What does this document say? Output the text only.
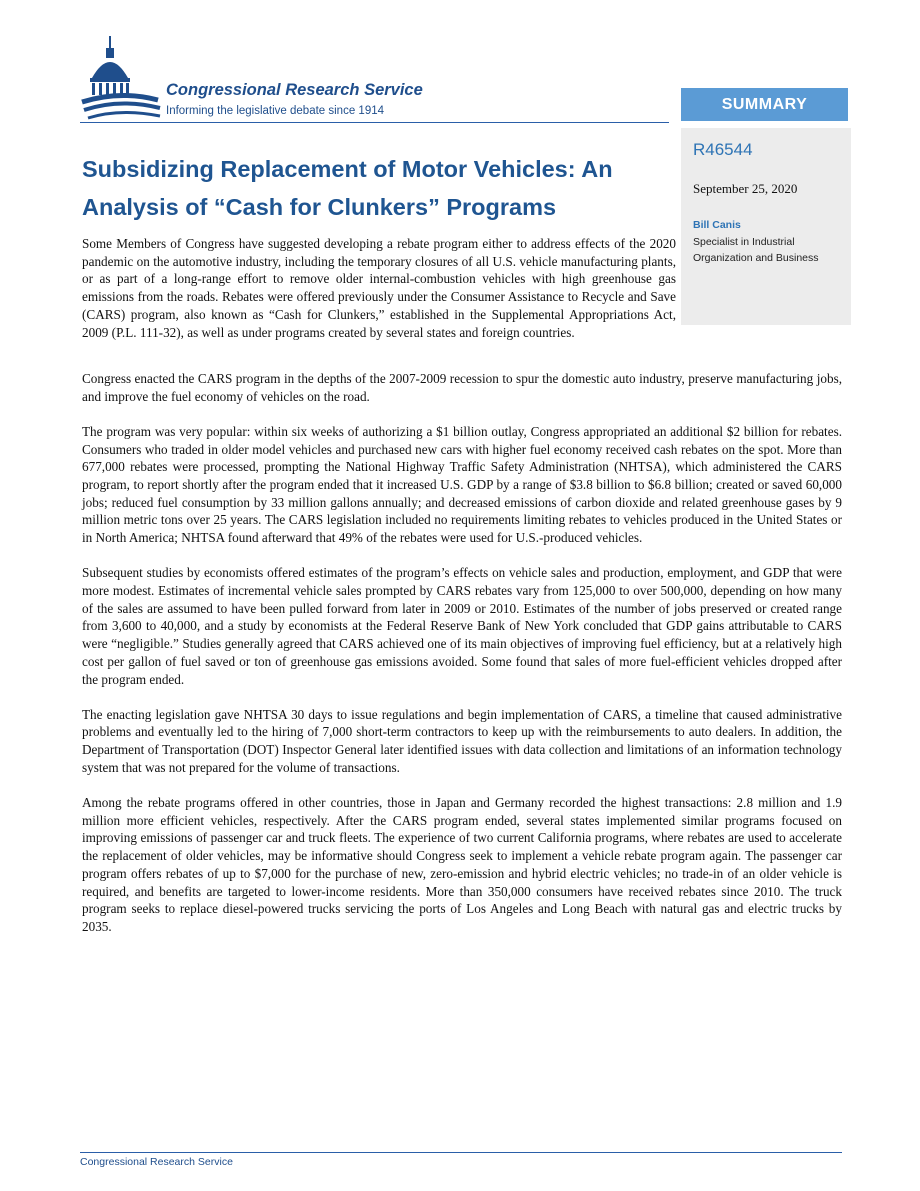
Congressional Research Service
Informing the legislative debate since 1914	SUMMARY
R46544
September 25, 2020
Bill Canis
Specialist in Industrial Organization and Business
Subsidizing Replacement of Motor Vehicles: An Analysis of “Cash for Clunkers” Programs

Some Members of Congress have suggested developing a rebate program either to address effects of the 2020 pandemic on the automotive industry, including the temporary closures of all U.S. vehicle manufacturing plants, or as part of a long-range effort to remove older internal-combustion vehicles with high greenhouse gas emissions from the roads. Rebates were offered previously under the Consumer Assistance to Recycle and Save (CARS) program, also known as “Cash for Clunkers,” established in the Supplemental Appropriations Act, 2009 (P.L. 111-32), as well as under programs created by several states and foreign countries.

Congress enacted the CARS program in the depths of the 2007-2009 recession to spur the domestic auto industry, preserve manufacturing jobs, and improve the fuel economy of vehicles on the road.

The program was very popular: within six weeks of authorizing a $1 billion outlay, Congress appropriated an additional $2 billion for rebates. Consumers who traded in older model vehicles and purchased new cars with higher fuel economy received cash rebates on the spot. More than 677,000 rebates were processed, prompting the National Highway Traffic Safety Administration (NHTSA), which administered the CARS program, to report shortly after the program ended that it increased U.S. GDP by a range of $3.8 billion to $6.8 billion; created or saved 60,000 jobs; reduced fuel consumption by 33 million gallons annually; and decreased emissions of carbon dioxide and related greenhouse gases by 9 million metric tons over 25 years. The CARS legislation included no requirements limiting rebates to vehicles produced in the United States or in North America; NHTSA found afterward that 49% of the rebates were used for U.S.-produced vehicles.

Subsequent studies by economists offered estimates of the program’s effects on vehicle sales and production, employment, and GDP that were more modest. Estimates of incremental vehicle sales prompted by CARS rebates vary from 125,000 to over 500,000, depending on how many of the sales are assumed to have been pulled forward from later in 2009 or 2010. Estimates of the number of jobs preserved or created range from 3,600 to 40,000, and a study by economists at the Federal Reserve Bank of New York concluded that GDP gains attributable to CARS were “negligible.” Studies generally agreed that CARS achieved one of its main objectives of improving fuel efficiency, but at a relatively high cost per gallon of fuel saved or ton of greenhouse gas emissions avoided. Some found that sales of more fuel-efficient vehicles dropped after the program ended.

The enacting legislation gave NHTSA 30 days to issue regulations and begin implementation of CARS, a timeline that caused administrative problems and eventually led to the hiring of 7,000 short-term contractors to keep up with the reimbursements to auto dealers. In addition, the Department of Transportation (DOT) Inspector General later identified issues with data collection and limitations of an information technology system that was not prepared for the volume of transactions.

Among the rebate programs offered in other countries, those in Japan and Germany recorded the highest transactions: 2.8 million and 1.9 million more efficient vehicles, respectively. After the CARS program ended, several states implemented similar programs focused on improving emissions of passenger car and truck fleets. The experience of two current California programs, where rebates are used to accelerate the replacement of older vehicles, may be informative should Congress seek to implement a vehicle rebate program again. The passenger car program offers rebates of up to $7,000 for the purchase of new, zero-emission and hybrid electric vehicles; no trade-in of an older vehicle is required, and benefits are targeted to lower-income residents. More than 350,000 consumers have received rebates since 2010. The truck program seeks to replace diesel-powered trucks servicing the ports of Los Angeles and Long Beach with natural gas and electric trucks by 2035.

Congressional Research Service
